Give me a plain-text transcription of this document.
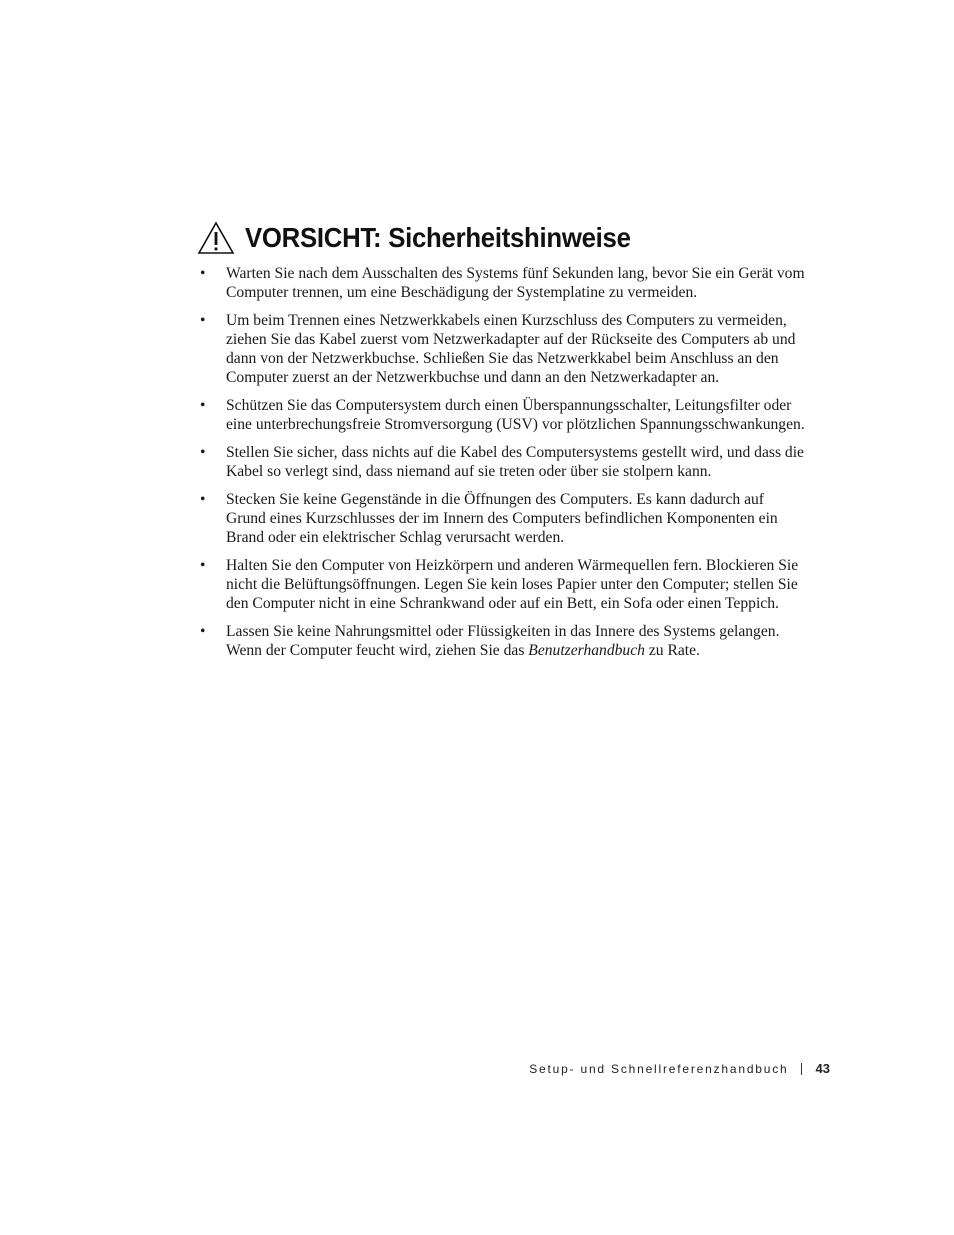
VORSICHT: Sicherheitshinweise
• Warten Sie nach dem Ausschalten des Systems fünf Sekunden lang, bevor Sie ein Gerät vom Computer trennen, um eine Beschädigung der Systemplatine zu vermeiden.
• Um beim Trennen eines Netzwerkkabels einen Kurzschluss des Computers zu vermeiden, ziehen Sie das Kabel zuerst vom Netzwerkadapter auf der Rückseite des Computers ab und dann von der Netzwerkbuchse. Schließen Sie das Netzwerkkabel beim Anschluss an den Computer zuerst an der Netzwerkbuchse und dann an den Netzwerkadapter an.
• Schützen Sie das Computersystem durch einen Überspannungsschalter, Leitungsfilter oder eine unterbrechungsfreie Stromversorgung (USV) vor plötzlichen Spannungsschwankungen.
• Stellen Sie sicher, dass nichts auf die Kabel des Computersystems gestellt wird, und dass die Kabel so verlegt sind, dass niemand auf sie treten oder über sie stolpern kann.
• Stecken Sie keine Gegenstände in die Öffnungen des Computers. Es kann dadurch auf Grund eines Kurzschlusses der im Innern des Computers befindlichen Komponenten ein Brand oder ein elektrischer Schlag verursacht werden.
• Halten Sie den Computer von Heizkörpern und anderen Wärmequellen fern. Blockieren Sie nicht die Belüftungsöffnungen. Legen Sie kein loses Papier unter den Computer; stellen Sie den Computer nicht in eine Schrankwand oder auf ein Bett, ein Sofa oder einen Teppich.
• Lassen Sie keine Nahrungsmittel oder Flüssigkeiten in das Innere des Systems gelangen. Wenn der Computer feucht wird, ziehen Sie das Benutzerhandbuch zu Rate.
Setup- und Schnellreferenzhandbuch 43
